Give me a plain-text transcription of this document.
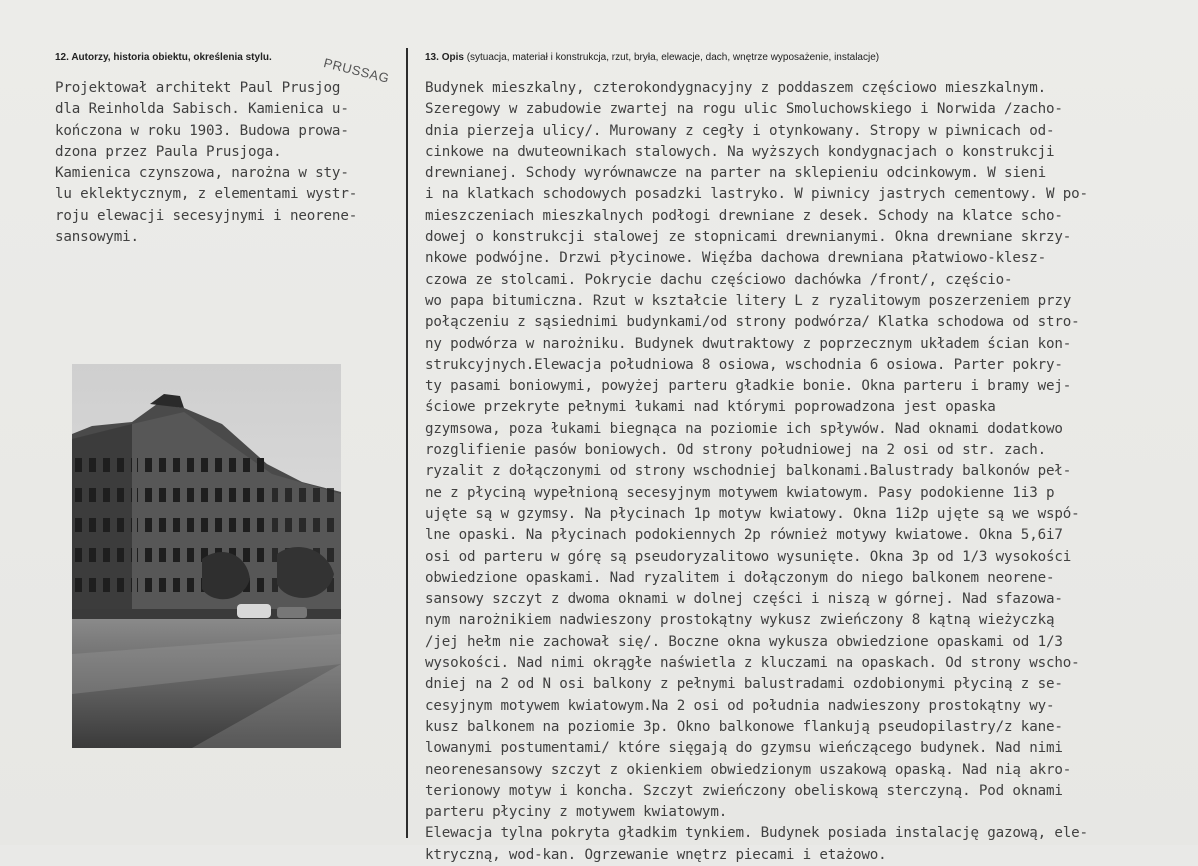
12. Autorzy, historia obiektu, określenia stylu.	13. Opis (sytuacja, materiał i konstrukcja, rzut, bryła, elewacje, dach, wnętrze wyposażenie, instalacje)
PRUSSAG
Projektował architekt Paul Prusjog
dla Reinholda Sabisch. Kamienica u-
kończona w roku 1903. Budowa prowa-
dzona przez Paula Prusjoga.
Kamienica czynszowa, narożna w sty-
lu eklektycznym, z elementami wystr-
roju elewacji secesyjnymi i neorene-
sansowymi.
Budynek mieszkalny, czterokondygnacyjny z poddaszem częściowo mieszkalnym.
Szeregowy w zabudowie zwartej na rogu ulic Smoluchowskiego i Norwida /zacho-
dnia pierzeja ulicy/. Murowany z cegły i otynkowany. Stropy w piwnicach od-
cinkowe na dwuteownikach stalowych. Na wyższych kondygnacjach o konstrukcji
drewnianej. Schody wyrównawcze na parter na sklepieniu odcinkowym. W sieni
i na klatkach schodowych posadzki lastryko. W piwnicy jastrych cementowy. W po-
mieszczeniach mieszkalnych podłogi drewniane z desek. Schody na klatce scho-
dowej o konstrukcji stalowej ze stopnicami drewnianymi. Okna drewniane skrzy-
nkowe podwójne. Drzwi płycinowe. Więźba dachowa drewniana płatwiowo-klesz-
czowa ze stolcami. Pokrycie dachu częściowo dachówka /front/, częścio-
wo papa bitumiczna. Rzut w kształcie litery L z ryzalitowym poszerzeniem przy
połączeniu z sąsiednimi budynkami/od strony podwórza/ Klatka schodowa od stro-
ny podwórza w narożniku. Budynek dwutraktowy z poprzecznym układem ścian kon-
strukcyjnych.Elewacja południowa 8 osiowa, wschodnia 6 osiowa. Parter pokry-
ty pasami boniowymi, powyżej parteru gładkie bonie. Okna parteru i bramy wej-
ściowe przekryte pełnymi łukami nad którymi poprowadzona jest opaska
gzymsowa, poza łukami biegnąca na poziomie ich spływów. Nad oknami dodatkowo
rozglifienie pasów boniowych. Od strony południowej na 2 osi od str. zach.
ryzalit z dołączonymi od strony wschodniej balkonami.Balustrady balkonów peł-
ne z płyciną wypełnioną secesyjnym motywem kwiatowym. Pasy podokienne 1i3 p
ujęte są w gzymsy. Na płycinach 1p motyw kwiatowy. Okna 1i2p ujęte są we wspó-
lne opaski. Na płycinach podokiennych 2p również motywy kwiatowe. Okna 5,6i7
osi od parteru w górę są pseudoryzalitowo wysunięte. Okna 3p od 1/3 wysokości
obwiedzione opaskami. Nad ryzalitem i dołączonym do niego balkonem neorene-
sansowy szczyt z dwoma oknami w dolnej części i niszą w górnej. Nad sfazowa-
nym narożnikiem nadwieszony prostokątny wykusz zwieńczony 8 kątną wieżyczką
/jej hełm nie zachował się/. Boczne okna wykusza obwiedzione opaskami od 1/3
wysokości. Nad nimi okrągłe naświetla z kluczami na opaskach. Od strony wscho-
dniej na 2 od N osi balkony z pełnymi balustradami ozdobionymi płyciną z se-
cesyjnym motywem kwiatowym.Na 2 osi od południa nadwieszony prostokątny wy-
kusz balkonem na poziomie 3p. Okno balkonowe flankują pseudopilastry/z kane-
lowanymi postumentami/ które sięgają do gzymsu wieńczącego budynek. Nad nimi
neorenesansowy szczyt z okienkiem obwiedzionym uszakową opaską. Nad nią akro-
terionowy motyw i koncha. Szczyt zwieńczony obeliskową sterczyną. Pod oknami
parteru płyciny z motywem kwiatowym.
Elewacja tylna pokryta gładkim tynkiem. Budynek posiada instalację gazową, ele-
ktryczną, wod-kan. Ogrzewanie wnętrz piecami i etażowo.
